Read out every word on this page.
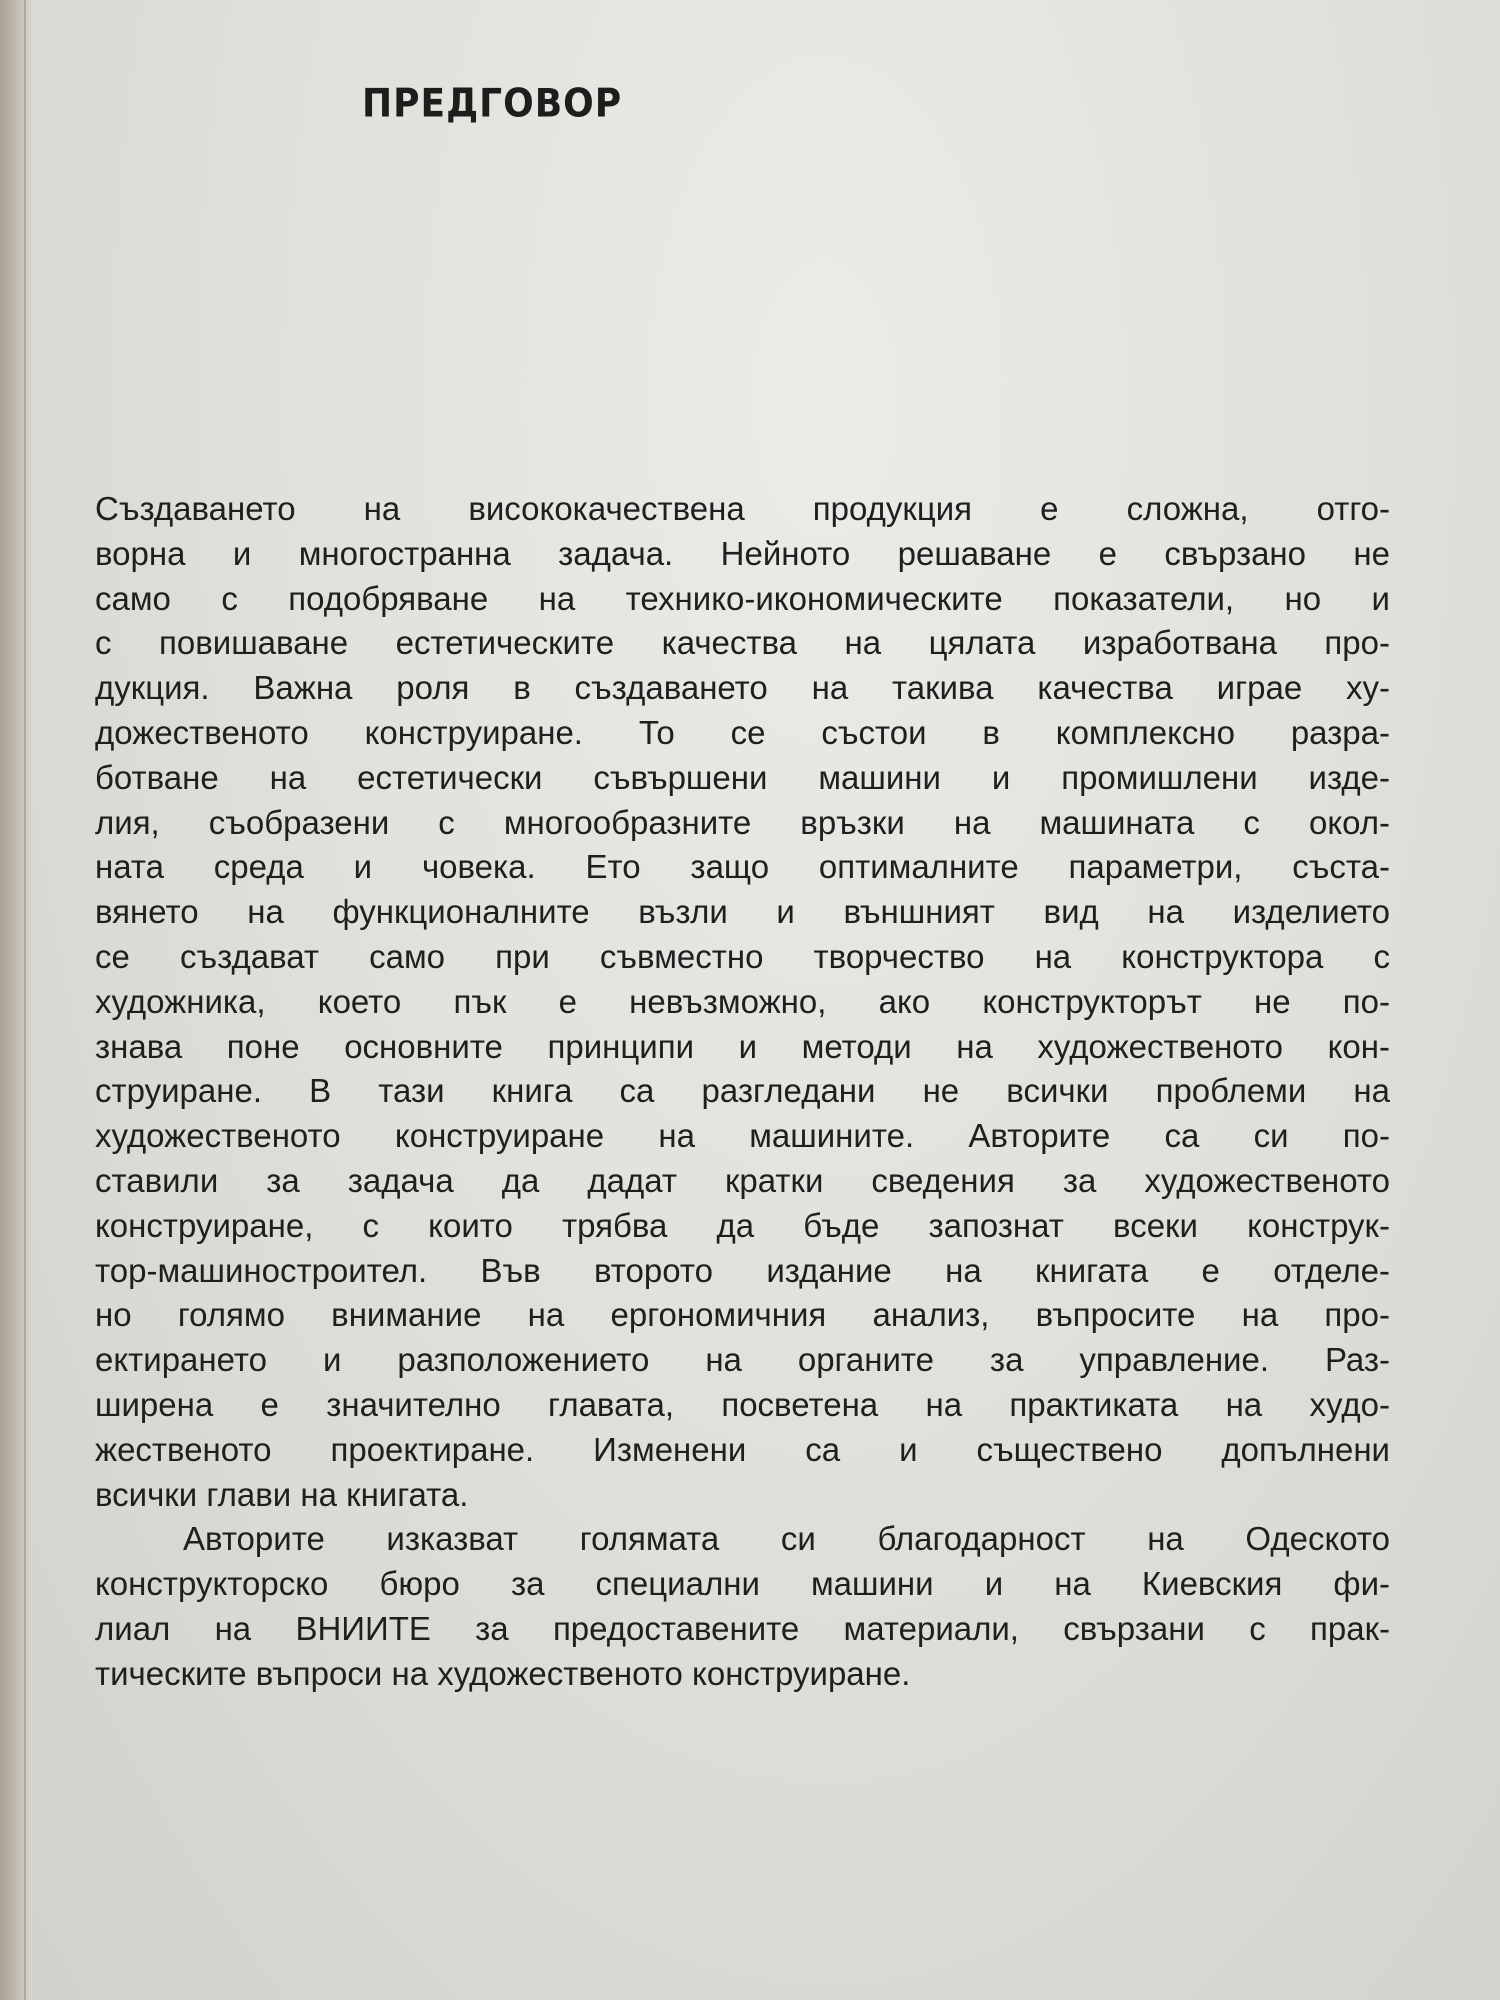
ПРЕДГОВОР
Създаването на висококачествена продукция е сложна, отго-
ворна и многостранна задача. Нейното решаване е свързано не
само с подобряване на технико-икономическите показатели, но и
с повишаване естетическите качества на цялата изработвана про-
дукция. Важна роля в създаването на такива качества играе ху-
дожественото конструиране. То се състои в комплексно разра-
ботване на естетически съвършени машини и промишлени изде-
лия, съобразени с многообразните връзки на машината с окол-
ната среда и човека. Ето защо оптималните параметри, съста-
вянето на функционалните възли и външният вид на изделието
се създават само при съвместно творчество на конструктора с
художника, което пък е невъзможно, ако конструкторът не по-
знава поне основните принципи и методи на художественото кон-
струиране. В тази книга са разгледани не всички проблеми на
художественото конструиране на машините. Авторите са си по-
ставили за задача да дадат кратки сведения за художественото
конструиране, с които трябва да бъде запознат всеки конструк-
тор-машиностроител. Във второто издание на книгата е отделе-
но голямо внимание на ергономичния анализ, въпросите на про-
ектирането и разположението на органите за управление. Раз-
ширена е значително главата, посветена на практиката на худо-
жественото проектиране. Изменени са и съществено допълнени
всички глави на книгата.
Авторите изказват голямата си благодарност на Одеското
конструкторско бюро за специални машини и на Киевския фи-
лиал на ВНИИТЕ за предоставените материали, свързани с прак-
тическите въпроси на художественото конструиране.
